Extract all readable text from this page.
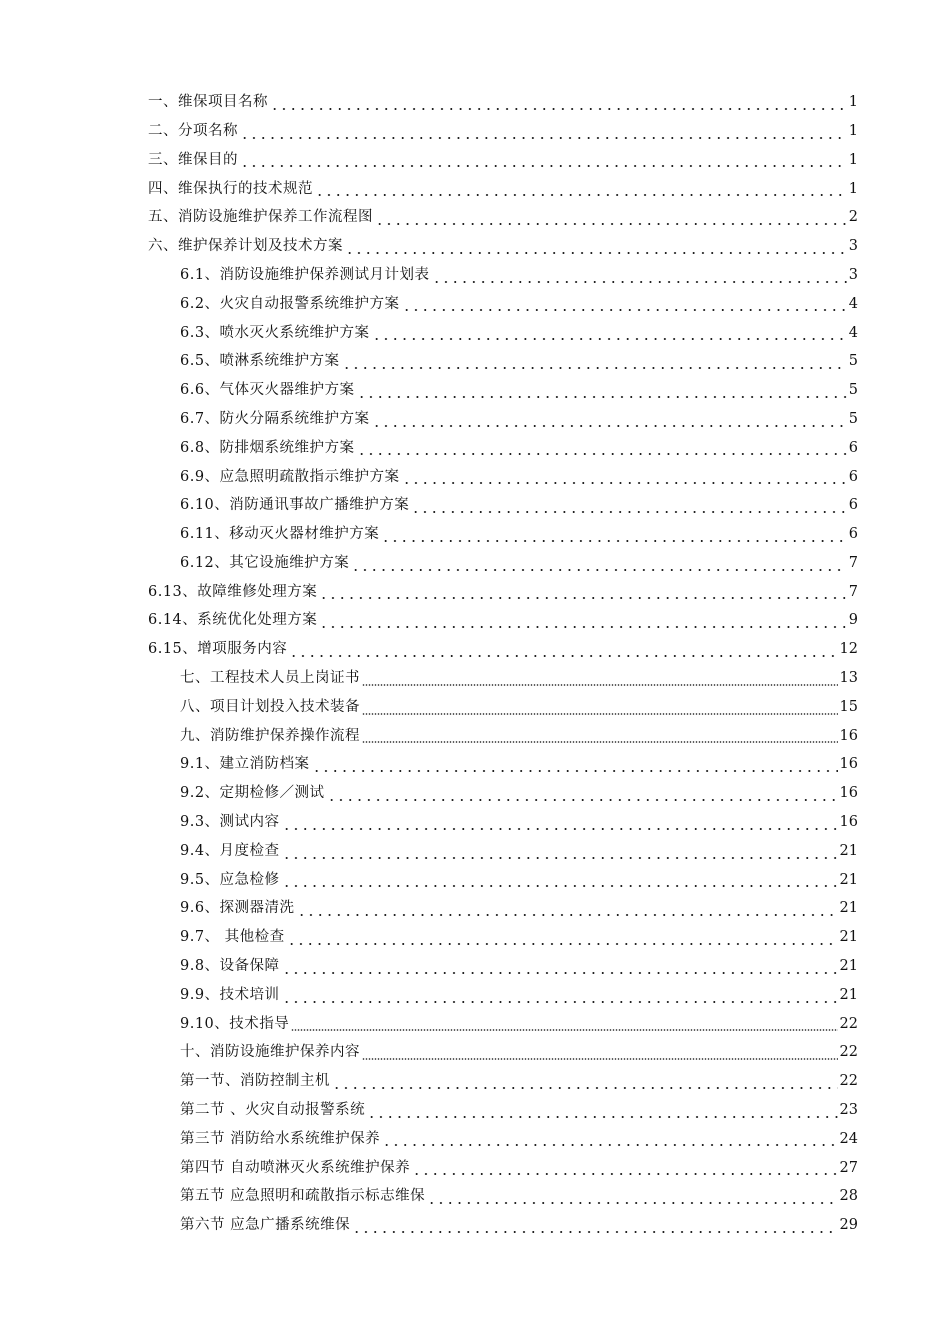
一、维保项目名称	1
二、分项名称	1
三、维保目的	1
四、维保执行的技术规范	1
五、消防设施维护保养工作流程图	2
六、维护保养计划及技术方案	3
6.1、消防设施维护保养测试月计划表	3
6.2、火灾自动报警系统维护方案	4
6.3、喷水灭火系统维护方案	4
6.5、喷淋系统维护方案	5
6.6、气体灭火器维护方案	5
6.7、防火分隔系统维护方案	5
6.8、防排烟系统维护方案	6
6.9、应急照明疏散指示维护方案	6
6.10、消防通讯事故广播维护方案	6
6.11、移动灭火器材维护方案	6
6.12、其它设施维护方案	7
6.13、故障维修处理方案	7
6.14、系统优化处理方案	9
6.15、增项服务内容	12
七、工程技术人员上岗证书	13
八、项目计划投入技术装备	15
九、消防维护保养操作流程	16
9.1、建立消防档案	16
9.2、定期检修／测试	16
9.3、测试内容	16
9.4、月度检查	21
9.5、应急检修	21
9.6、探测器清洗	21
9.7、 其他检查	21
9.8、设备保障	21
9.9、技术培训	21
9.10、技术指导	22
十、消防设施维护保养内容	22
第一节、消防控制主机	22
第二节 、火灾自动报警系统	23
第三节 消防给水系统维护保养	24
第四节 自动喷淋灭火系统维护保养	27
第五节 应急照明和疏散指示标志维保	28
第六节 应急广播系统维保	29
